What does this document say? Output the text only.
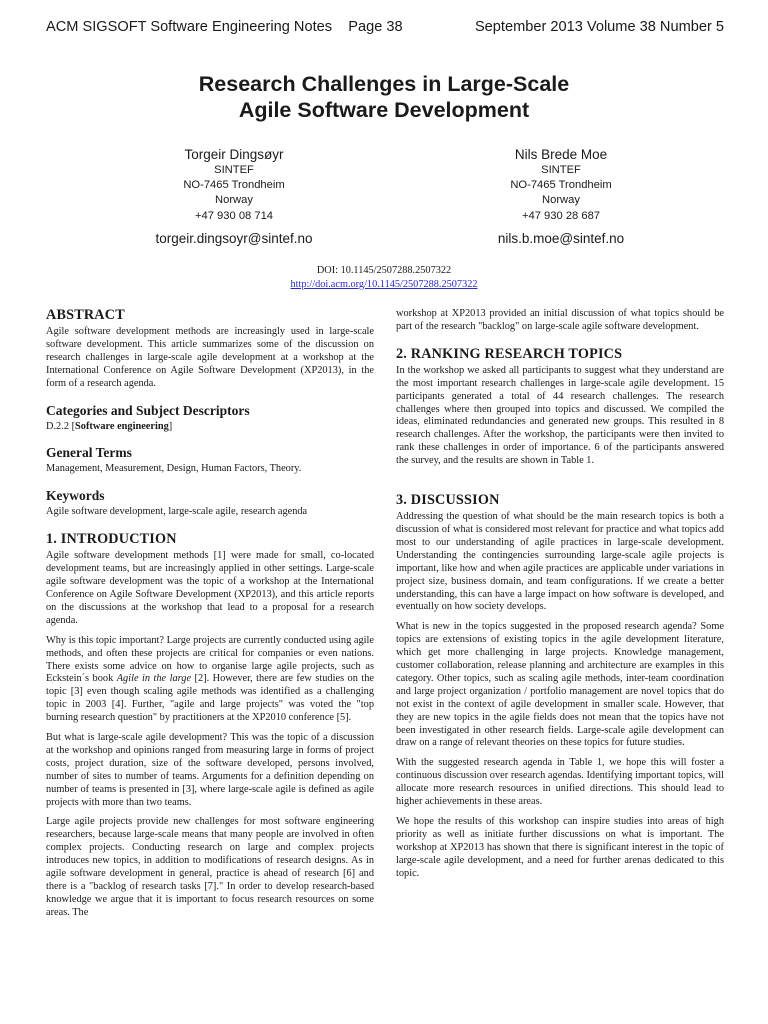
ACM SIGSOFT Software Engineering Notes    Page 38	September 2013 Volume 38 Number 5
Research Challenges in Large-Scale
Agile Software Development
Torgeir Dingsøyr
SINTEF
NO-7465 Trondheim
Norway
+47 930 08 714
torgeir.dingsoyr@sintef.no
Nils Brede Moe
SINTEF
NO-7465 Trondheim
Norway
+47 930 28 687
nils.b.moe@sintef.no
DOI: 10.1145/2507288.2507322
http://doi.acm.org/10.1145/2507288.2507322
ABSTRACT

Agile software development methods are increasingly used in large-scale software development. This article summarizes some of the discussion on research challenges in large-scale agile development at a workshop at the International Conference on Agile Software Development (XP2013), in the form of a research agenda.

Categories and Subject Descriptors

D.2.2 [Software engineering]

General Terms

Management, Measurement, Design, Human Factors, Theory.

Keywords

Agile software development, large-scale agile, research agenda

1. INTRODUCTION

Agile software development methods [1] were made for small, co-located development teams, but are increasingly applied in other settings. Large-scale agile software development was the topic of a workshop at the International Conference on Agile Software Development (XP2013), and this article reports on the discussions at the workshop that lead to a proposal for a research agenda.

Why is this topic important? Large projects are currently conducted using agile methods, and often these projects are critical for companies or even nations. There exists some advice on how to organise large agile projects, such as Eckstein´s book Agile in the large [2]. However, there are few studies on the topic [3] even though scaling agile methods was identified as a challenging topic in 2003 [4]. Further, "agile and large projects" was voted the "top burning research question" by practitioners at the XP2010 conference [5].

But what is large-scale agile development? This was the topic of a discussion at the workshop and opinions ranged from measuring large in forms of project costs, project duration, size of the software developed, persons involved, number of sites to number of teams. Arguments for a definition depending on number of teams is presented in [3], where large-scale agile is defined as agile projects with more than two teams.

Large agile projects provide new challenges for most software engineering researchers, because large-scale means that many people are involved in often complex projects. Conducting research on large and complex projects introduces new topics, in addition to modifications of research designs. As in agile software development in general, practice is ahead of research [6] and there is a "backlog of research tasks [7]." In order to develop research-based knowledge we argue that it is important to focus research resources on some areas. The

workshop at XP2013 provided an initial discussion of what topics should be part of the research "backlog" on large-scale agile software development.

2. RANKING RESEARCH TOPICS

In the workshop we asked all participants to suggest what they understand are the most important research challenges in large-scale agile development. 15 participants generated a total of 44 research challenges. The research challenges where then grouped into topics and discussed. We compiled the ideas, eliminated redundancies and generated new groups. This resulted in 8 research challenges. After the workshop, the participants were then invited to rank these challenges in order of importance. 6 of the participants answered the survey, and the results are shown in Table 1.

3. DISCUSSION

Addressing the question of what should be the main research topics is both a discussion of what is considered most relevant for practice and what topics add most to our understanding of agile practices in large-scale development. Understanding the contingencies surrounding large-scale agile projects is important, like how and when agile practices are applicable under variations in project size, business domain, and team configurations. If we create a better understanding, this can have a large impact on how software is developed, and eventually on how society develops.

What is new in the topics suggested in the proposed research agenda? Some topics are extensions of existing topics in the agile development literature, which get more challenging in large projects. Knowledge management, customer collaboration, release planning and architecture are examples in this category. Other topics, such as scaling agile methods, inter-team coordination and large project organization / portfolio management are novel topics that do not exist in the context of agile development in smaller scale. However, that they are new topics in the agile fields does not mean that the topics have not been investigated in other research fields. Large-scale agile development can draw on a range of relevant theories on these topics for future studies.

With the suggested research agenda in Table 1, we hope this will foster a continuous discussion over research agendas. Identifying important topics, will allocate more research resources in unified directions. This should lead to higher achievements in these areas.

We hope the results of this workshop can inspire studies into areas of high priority as well as initiate further discussions on what is important. The workshop at XP2013 has shown that there is significant interest in the topic of large-scale agile development, and a need for further arenas dedicated to this topic.
